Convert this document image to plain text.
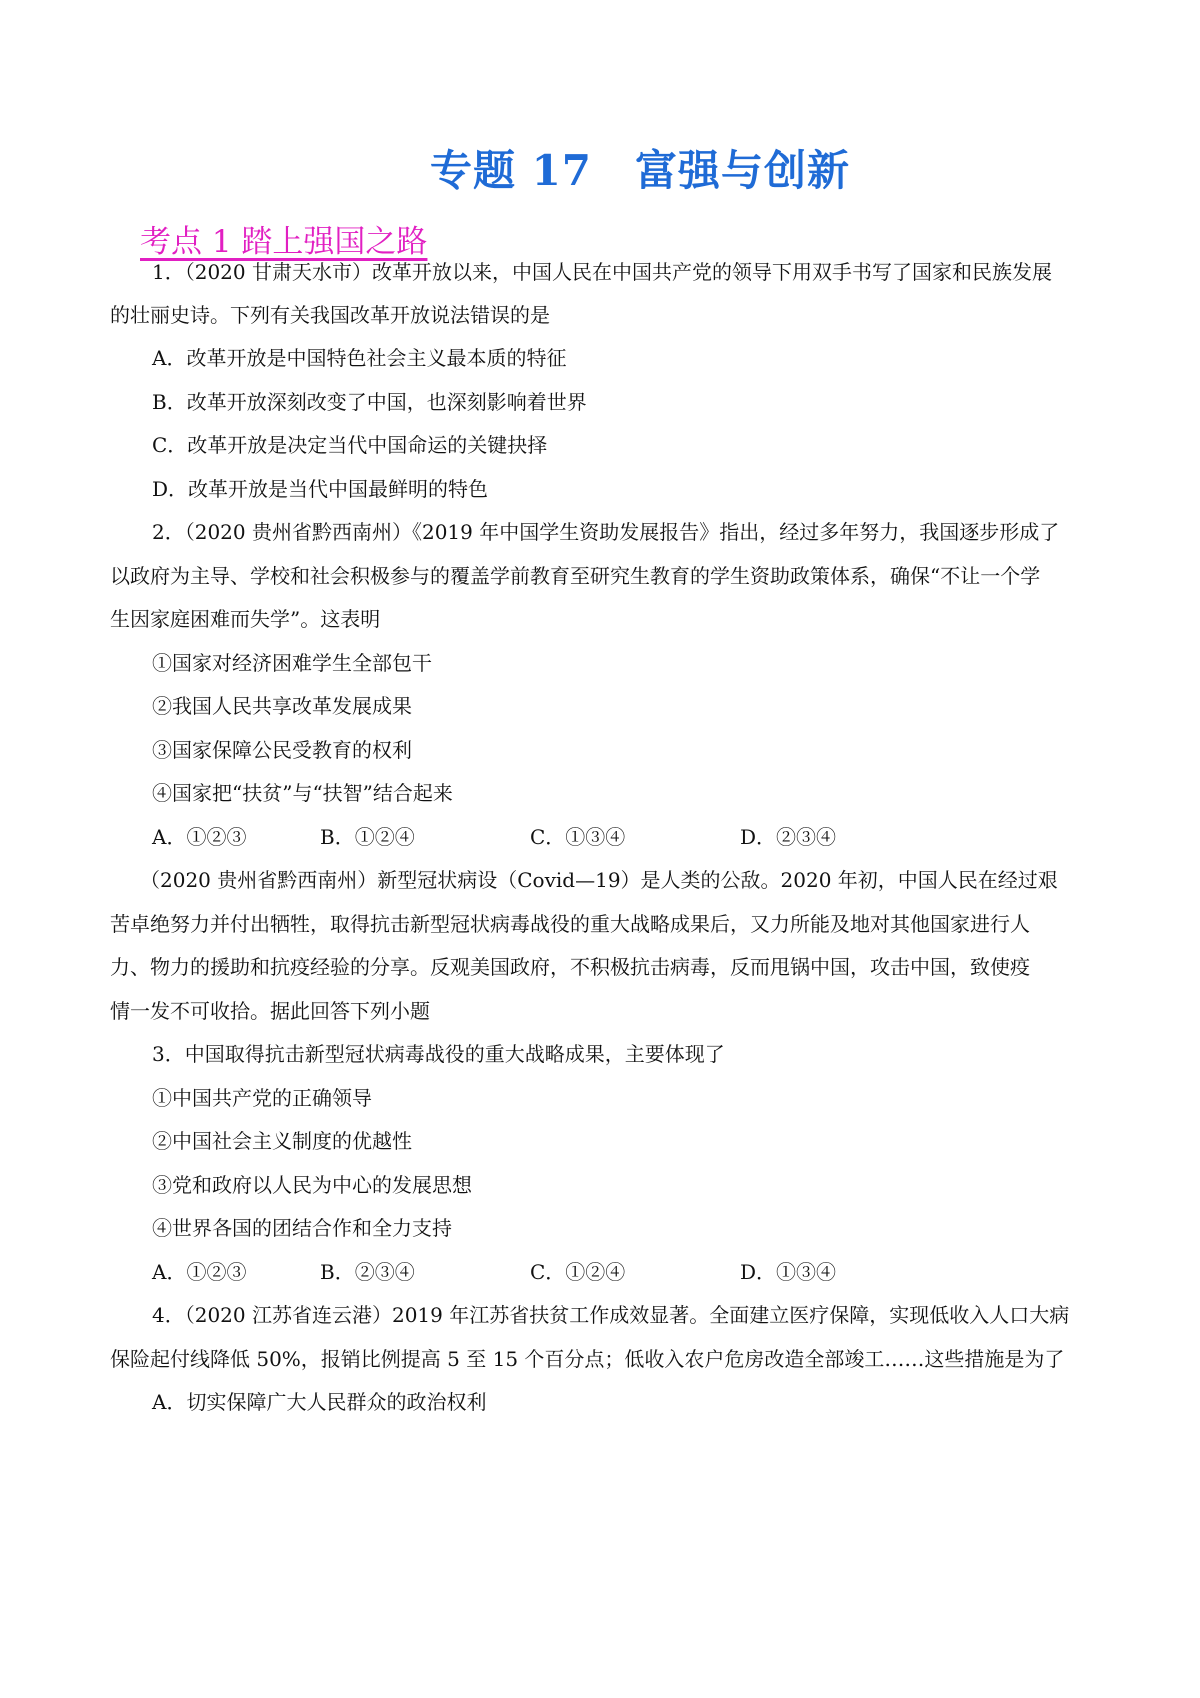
专题 17　富强与创新
考点 1 踏上强国之路
1．（2020 甘肃天水市）改革开放以来，中国人民在中国共产党的领导下用双手书写了国家和民族发展
的壮丽史诗。下列有关我国改革开放说法错误的是
A．改革开放是中国特色社会主义最本质的特征
B．改革开放深刻改变了中国，也深刻影响着世界
C．改革开放是决定当代中国命运的关键抉择
D．改革开放是当代中国最鲜明的特色
2．（2020 贵州省黔西南州）《2019 年中国学生资助发展报告》指出，经过多年努力，我国逐步形成了
以政府为主导、学校和社会积极参与的覆盖学前教育至研究生教育的学生资助政策体系，确保“不让一个学
生因家庭困难而失学”。这表明
①国家对经济困难学生全部包干
②我国人民共享改革发展成果
③国家保障公民受教育的权利
④国家把“扶贫”与“扶智”结合起来
A．①②③	B．①②④	C．①③④	D．②③④
（2020 贵州省黔西南州）新型冠状病设（Covid—19）是人类的公敌。2020 年初，中国人民在经过艰
苦卓绝努力并付出牺牲，取得抗击新型冠状病毒战役的重大战略成果后，又力所能及地对其他国家进行人
力、物力的援助和抗疫经验的分享。反观美国政府，不积极抗击病毒，反而甩锅中国，攻击中国，致使疫
情一发不可收拾。据此回答下列小题
3．中国取得抗击新型冠状病毒战役的重大战略成果，主要体现了
①中国共产党的正确领导
②中国社会主义制度的优越性
③党和政府以人民为中心的发展思想
④世界各国的团结合作和全力支持
A．①②③	B．②③④	C．①②④	D．①③④
4．（2020 江苏省连云港）2019 年江苏省扶贫工作成效显著。全面建立医疗保障，实现低收入人口大病
保险起付线降低 50%，报销比例提高 5 至 15 个百分点；低收入农户危房改造全部竣工……这些措施是为了
A．切实保障广大人民群众的政治权利
